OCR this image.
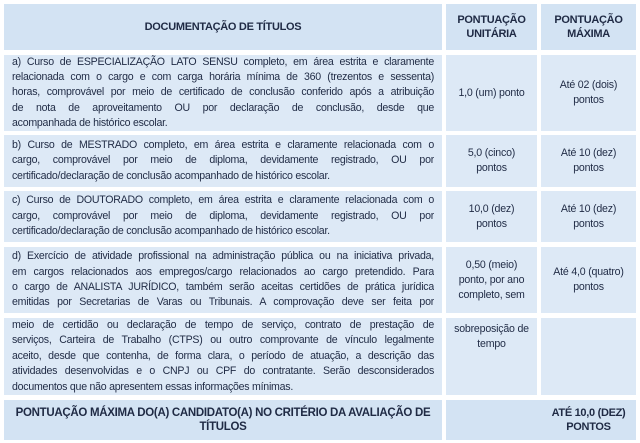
DOCUMENTAÇÃO DE TÍTULOS
PONTUAÇÃO
UNITÁRIA
PONTUAÇÃO
MÁXIMA
PONTUAÇÃO MÁXIMA DO(A) CANDIDATO(A) NO CRITÉRIO DA AVALIAÇÃO DE TÍTULOS
ATÉ 10,0 (DEZ)
PONTOS
a) Curso de ESPECIALIZAÇÃO LATO SENSU completo, em área estrita e claramente
relacionada com o cargo e com carga horária mínima de 360 (trezentos e sessenta)
horas, comprovável por meio de certificado de conclusão conferido após a atribuição
de nota de aproveitamento OU por declaração de conclusão, desde que
acompanhada de histórico escolar.
1,0 (um) ponto
Até 02 (dois)
pontos
b) Curso de MESTRADO completo, em área estrita e claramente relacionada com o
cargo, comprovável por meio de diploma, devidamente registrado, OU por
certificado/declaração de conclusão acompanhado de histórico escolar.
5,0 (cinco)
pontos
Até 10 (dez)
pontos
c) Curso de DOUTORADO completo, em área estrita e claramente relacionada com o
cargo, comprovável por meio de diploma, devidamente registrado, OU por
certificado/declaração de conclusão acompanhado de histórico escolar.
10,0 (dez)
pontos
Até 10 (dez)
pontos
d) Exercício de atividade profissional na administração pública ou na iniciativa privada,
em cargos relacionados aos empregos/cargo relacionados ao cargo pretendido. Para
o cargo de ANALISTA JURÍDICO, também serão aceitas certidões de prática jurídica
emitidas por Secretarias de Varas ou Tribunais. A comprovação deve ser feita por
0,50 (meio)
ponto, por ano
completo, sem
Até 4,0 (quatro)
pontos
meio de certidão ou declaração de tempo de serviço, contrato de prestação de
serviços, Carteira de Trabalho (CTPS) ou outro comprovante de vínculo legalmente
aceito, desde que contenha, de forma clara, o período de atuação, a descrição das
atividades desenvolvidas e o CNPJ ou CPF do contratante. Serão desconsiderados
documentos que não apresentem essas informações mínimas.
sobreposição de
tempo
